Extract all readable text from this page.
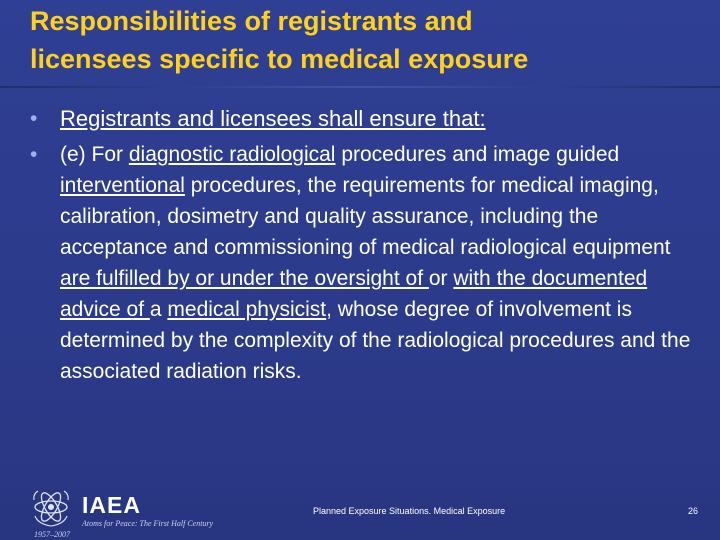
Responsibilities of registrants and
licensees specific to medical exposure
• Registrants and licensees shall ensure that:
• (e) For diagnostic radiological procedures and image guided interventional procedures, the requirements for medical imaging, calibration, dosimetry and quality assurance, including the acceptance and commissioning of medical radiological equipment are fulfilled by or under the oversight of or with the documented advice of a medical physicist, whose degree of involvement is determined by the complexity of the radiological procedures and the associated radiation risks.
IAEA
Atoms for Peace: The First Half Century
1957–2007
Planned Exposure Situations. Medical Exposure	26
